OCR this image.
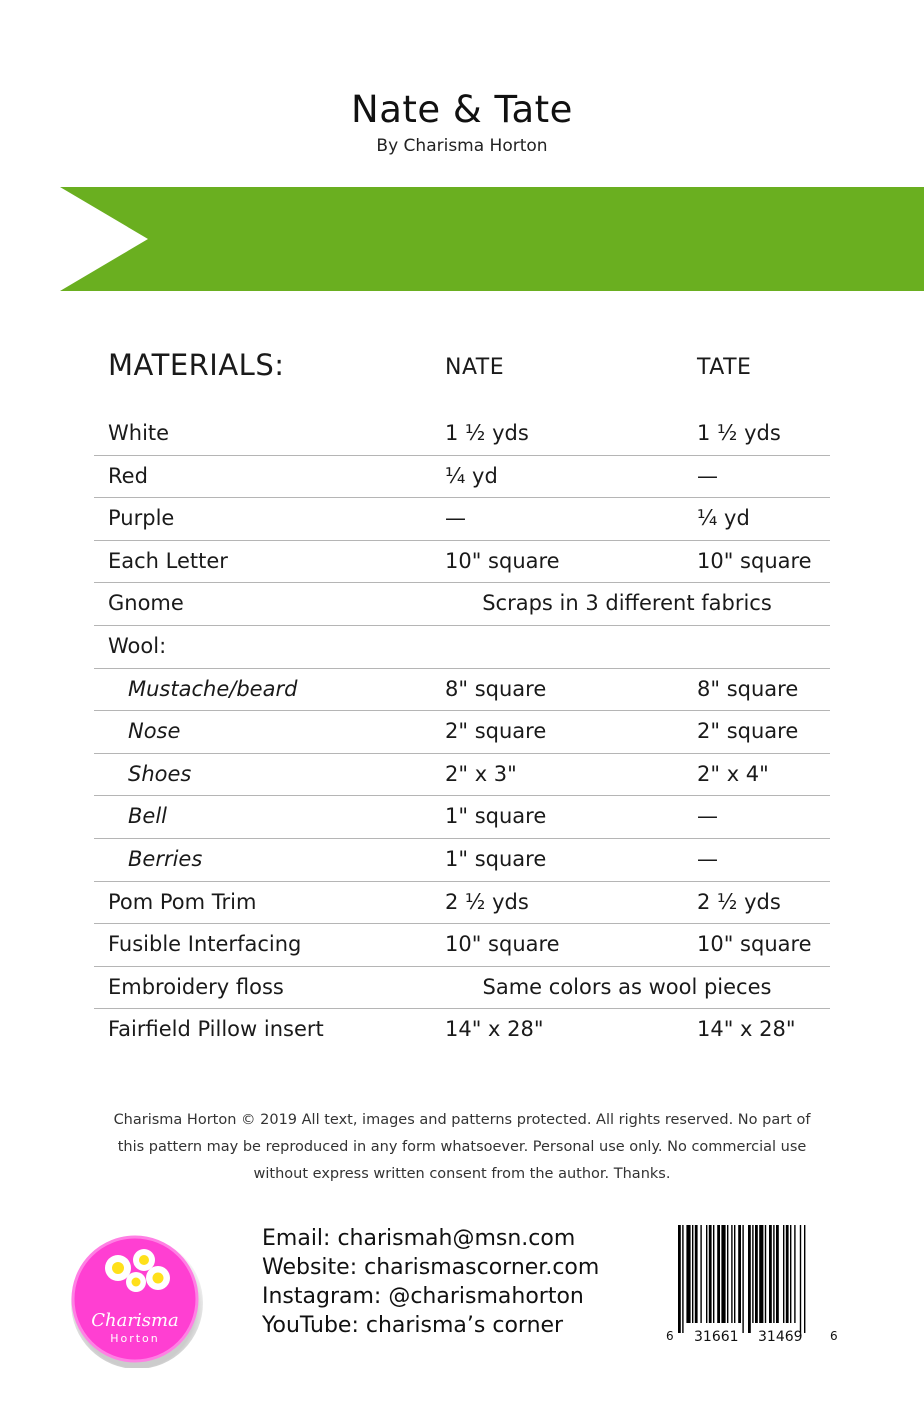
Nate & Tate
By Charisma Horton
MATERIALS:	NATE	TATE
White	1 ½ yds	1 ½ yds
Red	¼ yd	—
Purple	—	¼ yd
Each Letter	10" square	10" square
Gnome	Scraps in 3 different fabrics
Wool:
Mustache/beard	8" square	8" square
Nose	2" square	2" square
Shoes	2" x 3"	2" x 4"
Bell	1" square	—
Berries	1" square	—
Pom Pom Trim	2 ½ yds	2 ½ yds
Fusible Interfacing	10" square	10" square
Embroidery floss	Same colors as wool pieces
Fairfield Pillow insert	14" x 28"	14" x 28"
Charisma Horton © 2019 All text, images and patterns protected. All rights reserved. No part of
this pattern may be reproduced in any form whatsoever. Personal use only. No commercial use
without express written consent from the author. Thanks.
Charisma
Horton
Email: charismah@msn.com
Website: charismascorner.com
Instagram: @charismahorton
YouTube: charisma’s corner	6 31661 31469 6
